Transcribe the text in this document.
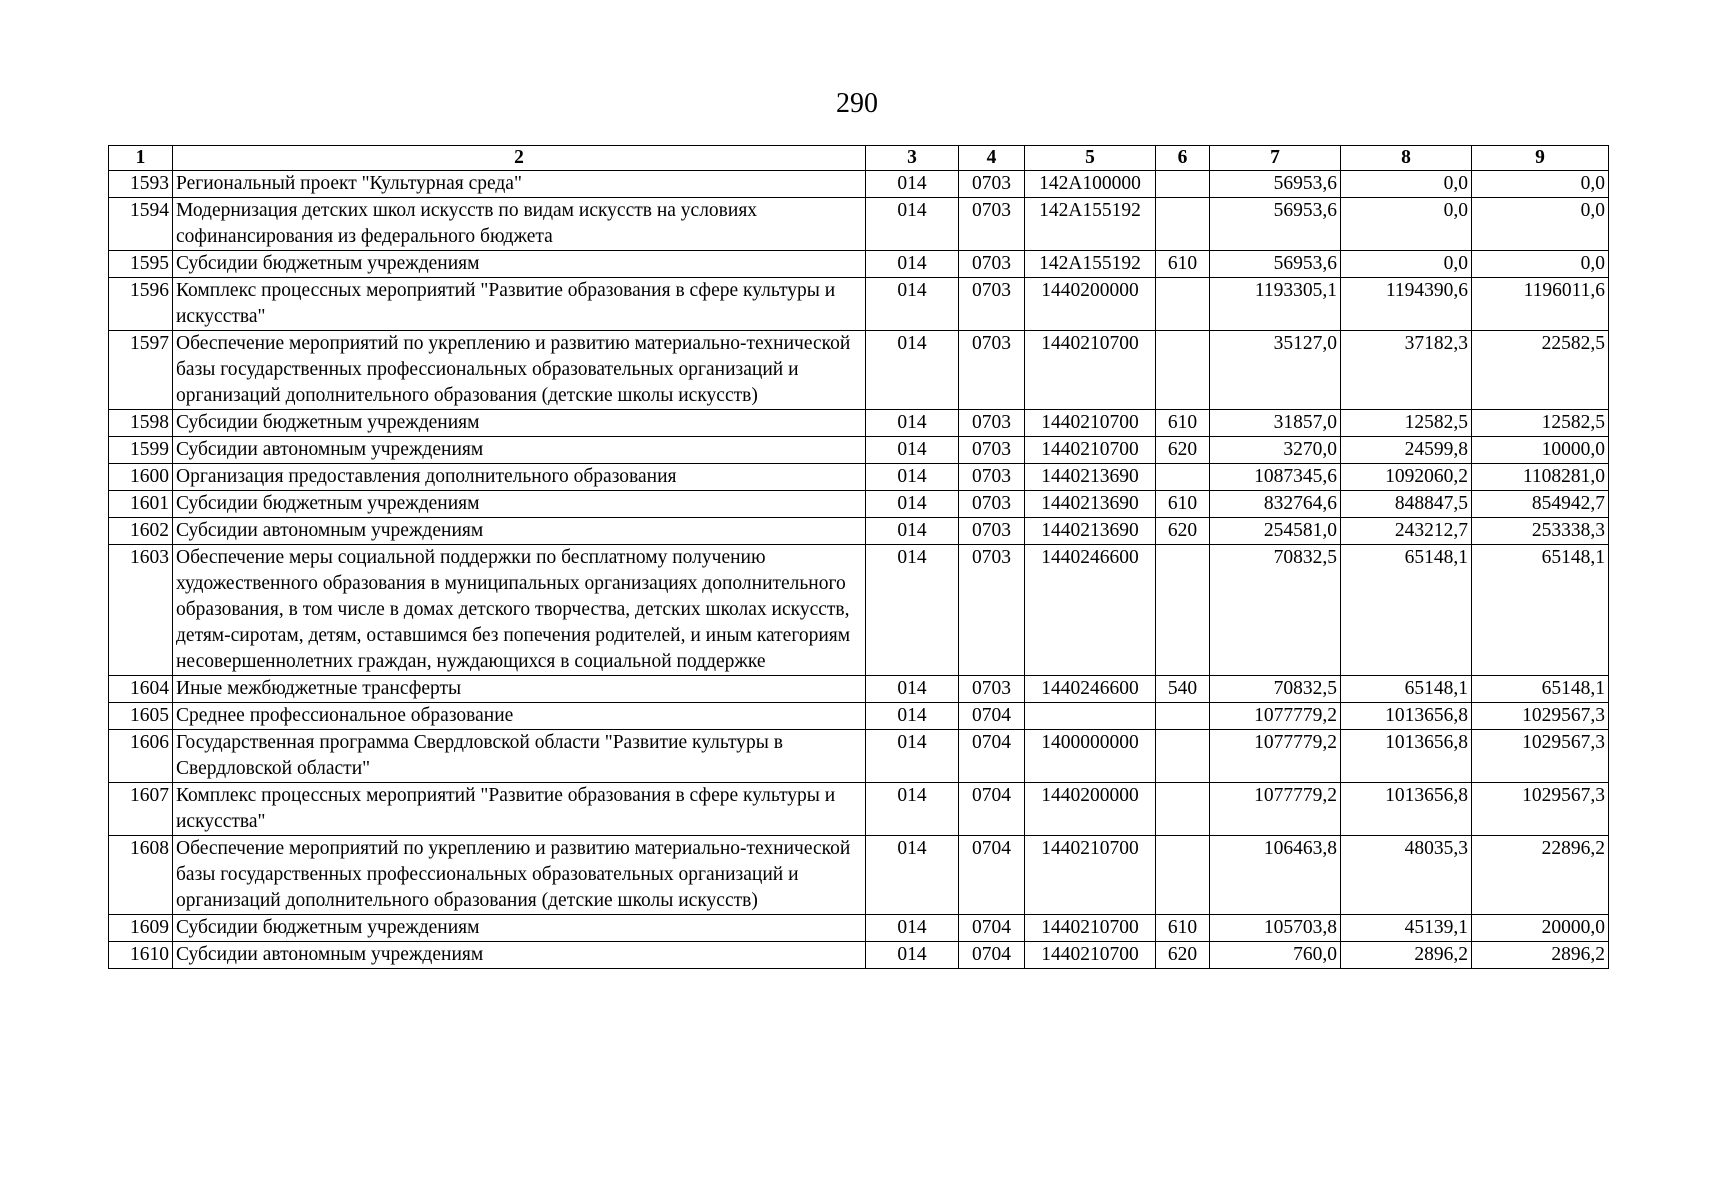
290
1	2	3	4	5	6	7	8	9
1593	Региональный проект "Культурная среда"	014	0703	142A100000		56953,6	0,0	0,0
1594	Модернизация детских школ искусств по видам искусств на условиях софинансирования из федерального бюджета	014	0703	142A155192		56953,6	0,0	0,0
1595	Субсидии бюджетным учреждениям	014	0703	142A155192	610	56953,6	0,0	0,0
1596	Комплекс процессных мероприятий "Развитие образования в сфере культуры и искусства"	014	0703	1440200000		1193305,1	1194390,6	1196011,6
1597	Обеспечение мероприятий по укреплению и развитию материально-технической базы государственных профессиональных образовательных организаций и организаций дополнительного образования (детские школы искусств)	014	0703	1440210700		35127,0	37182,3	22582,5
1598	Субсидии бюджетным учреждениям	014	0703	1440210700	610	31857,0	12582,5	12582,5
1599	Субсидии автономным учреждениям	014	0703	1440210700	620	3270,0	24599,8	10000,0
1600	Организация предоставления дополнительного образования	014	0703	1440213690		1087345,6	1092060,2	1108281,0
1601	Субсидии бюджетным учреждениям	014	0703	1440213690	610	832764,6	848847,5	854942,7
1602	Субсидии автономным учреждениям	014	0703	1440213690	620	254581,0	243212,7	253338,3
1603	Обеспечение меры социальной поддержки по бесплатному получению художественного образования в муниципальных организациях дополнительного образования, в том числе в домах детского творчества, детских школах искусств, детям-сиротам, детям, оставшимся без попечения родителей, и иным категориям несовершеннолетних граждан, нуждающихся в социальной поддержке	014	0703	1440246600		70832,5	65148,1	65148,1
1604	Иные межбюджетные трансферты	014	0703	1440246600	540	70832,5	65148,1	65148,1
1605	Среднее профессиональное образование	014	0704			1077779,2	1013656,8	1029567,3
1606	Государственная программа Свердловской области "Развитие культуры в Свердловской области"	014	0704	1400000000		1077779,2	1013656,8	1029567,3
1607	Комплекс процессных мероприятий "Развитие образования в сфере культуры и искусства"	014	0704	1440200000		1077779,2	1013656,8	1029567,3
1608	Обеспечение мероприятий по укреплению и развитию материально-технической базы государственных профессиональных образовательных организаций и организаций дополнительного образования (детские школы искусств)	014	0704	1440210700		106463,8	48035,3	22896,2
1609	Субсидии бюджетным учреждениям	014	0704	1440210700	610	105703,8	45139,1	20000,0
1610	Субсидии автономным учреждениям	014	0704	1440210700	620	760,0	2896,2	2896,2
